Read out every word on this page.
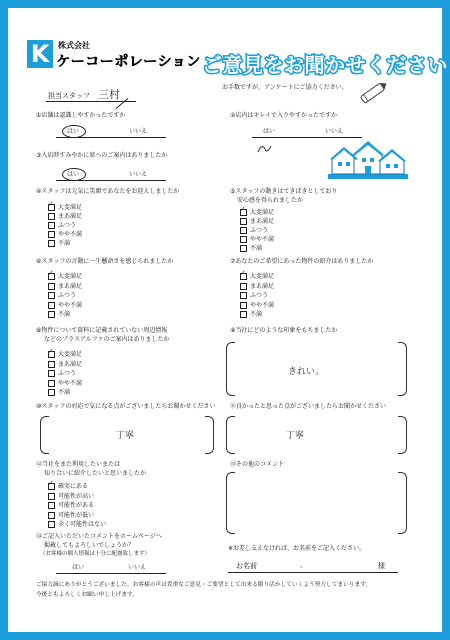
K	株式会社
ケーコーポレーション ご意見をお聞かせください
お手数ですが、アンケートにご協力ください。
担当スタッフ 三村
①店舗は認識しやすかったですか
はい	いいえ
②店内はキレイで入りやすかったですか
はい	いいえ
③入店時すみやかに席へのご案内はありましたか
はい	いいえ
④スタッフは元気に笑顔であなたをお迎えしましたか
✓大変満足
まあ満足
ふつう
やや不満
不満
⑤スタッフの動きはてきぱきとしており
安心感を得られましたか
✓大変満足
まあ満足
ふつう
やや不満
不満
⑥スタッフの言動に一生懸命さを感じられましたか
✓大変満足
まあ満足
ふつう
やや不満
不満
⑦あなたのご希望にあった物件の紹介はありましたか
✓大変満足
まあ満足
ふつう
やや不満
不満
⑧物件について資料に記載されていない周辺情報
などのプラスアルファのご案内はありましたか
✓大変満足
まあ満足
ふつう
やや不満
不満
⑨当社にどのような印象をもちましたか
きれい。
⑩スタッフの対応で気になる点がございましたらお聞かせください
丁寧
⑪良かったと思った点がございましたらお聞かせください
丁寧
⑫当社をまた利用したいまたは
知り合いに紹介したいと思いましたか
✓確実にある
可能性が高い
可能性がある
可能性が低い
全く可能性はない
⑬その他のコメント
⑭ご記入いただいたコメントをホームページへ
掲載してもよろしいでしょうか？
（お客様の個人情報は十分に配慮致します）
はい	いいえ
※お差し支えなければ、お名前をご記入ください。
お名前	、	様
ご協力誠にありがとうございました。お客様の声は貴重なご意見・ご要望として出来る限り活かしていくよう努力してまいります。
今後ともよろしくお願い申し上げます。
